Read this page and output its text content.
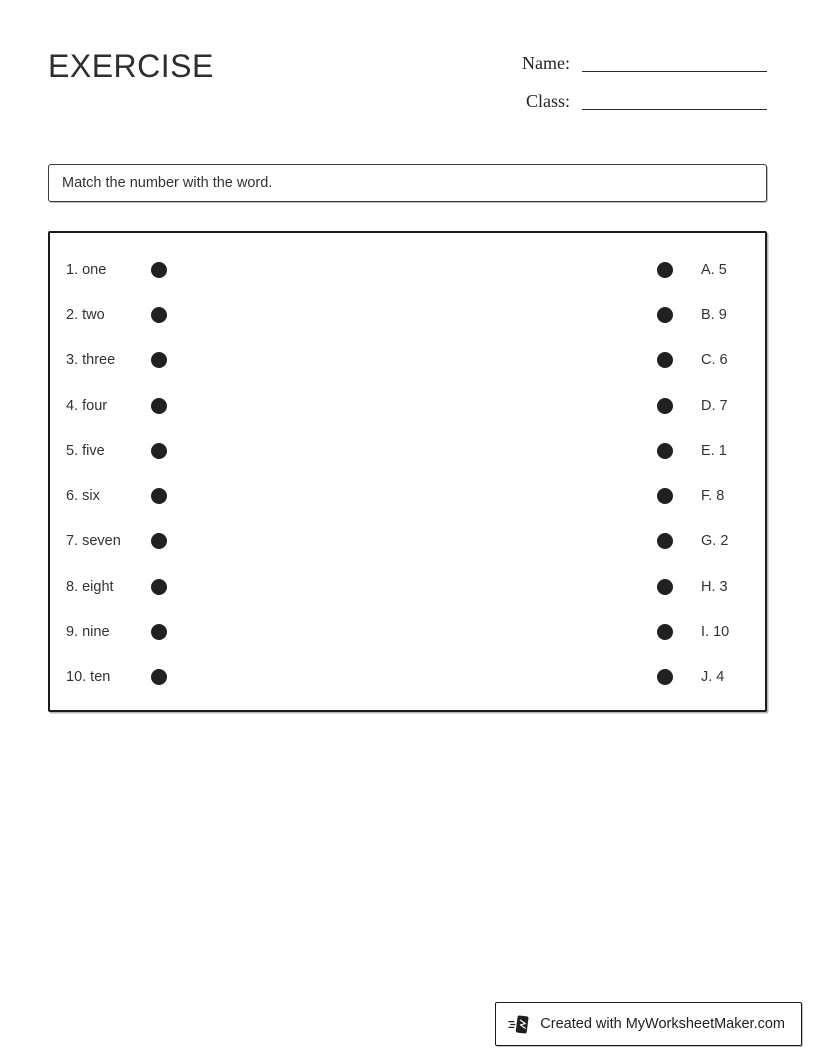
EXERCISE	Name:
Class:
Match the number with the word.
1. one	A. 5
2. two	B. 9
3. three	C. 6
4. four	D. 7
5. five	E. 1
6. six	F. 8
7. seven	G. 2
8. eight	H. 3
9. nine	I. 10
10. ten	J. 4
Created with MyWorksheetMaker.com
